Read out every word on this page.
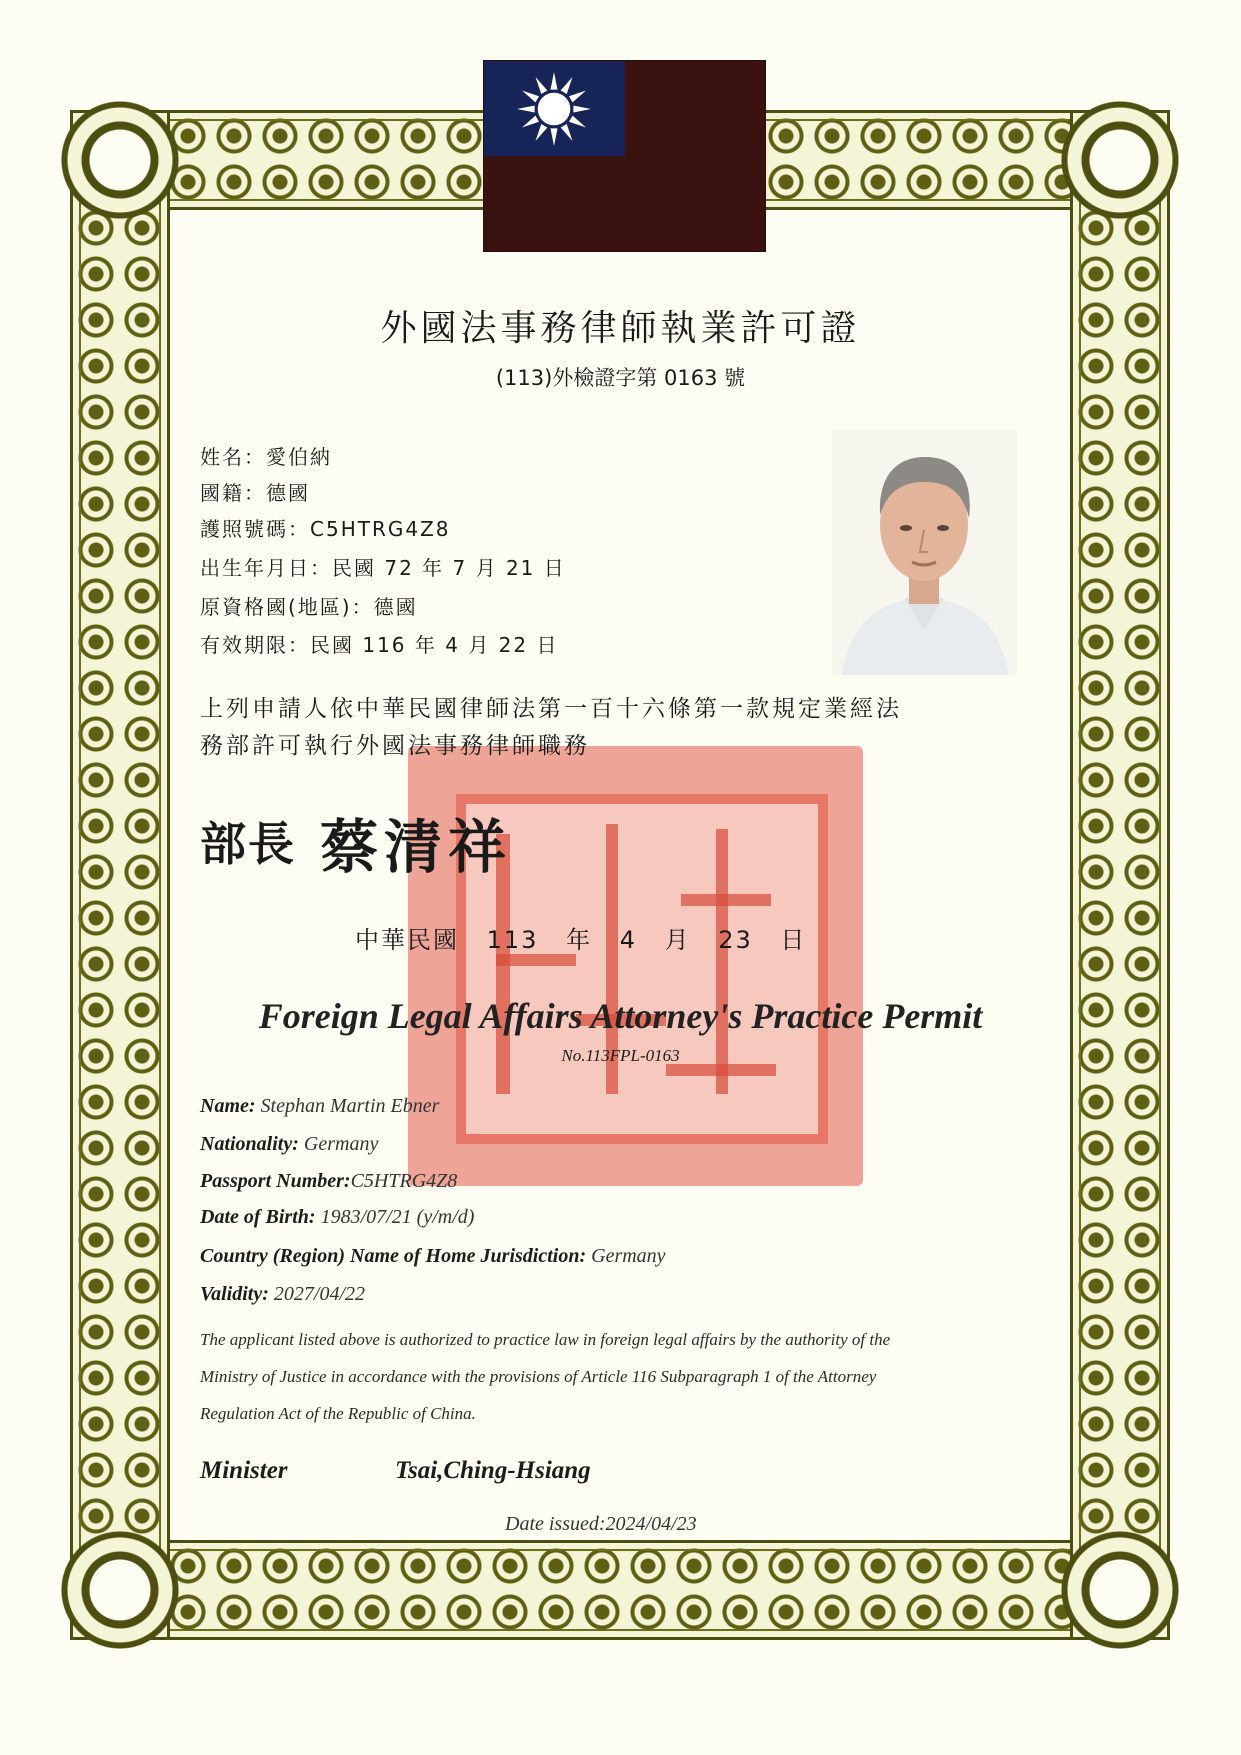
外國法事務律師執業許可證
(113)外檢證字第 0163 號
姓名：愛伯納
國籍：德國
護照號碼：C5HTRG4Z8
出生年月日：民國 72 年 7 月 21 日
原資格國(地區)：德國
有效期限：民國 116 年 4 月 22 日
上列申請人依中華民國律師法第一百十六條第一款規定業經法
務部許可執行外國法事務律師職務
部長 蔡清祥
中華民國 113 年 4 月 23 日
Foreign Legal Affairs Attorney's Practice Permit
No.113FPL-0163
Name: Stephan Martin Ebner
Nationality: Germany
Passport Number:C5HTRG4Z8
Date of Birth: 1983/07/21 (y/m/d)
Country (Region) Name of Home Jurisdiction: Germany
Validity: 2027/04/22
The applicant listed above is authorized to practice law in foreign legal affairs by the authority of the
Ministry of Justice in accordance with the provisions of Article 116 Subparagraph 1 of the Attorney
Regulation Act of the Republic of China.
Minister	Tsai,Ching-Hsiang
Date issued:2024/04/23
